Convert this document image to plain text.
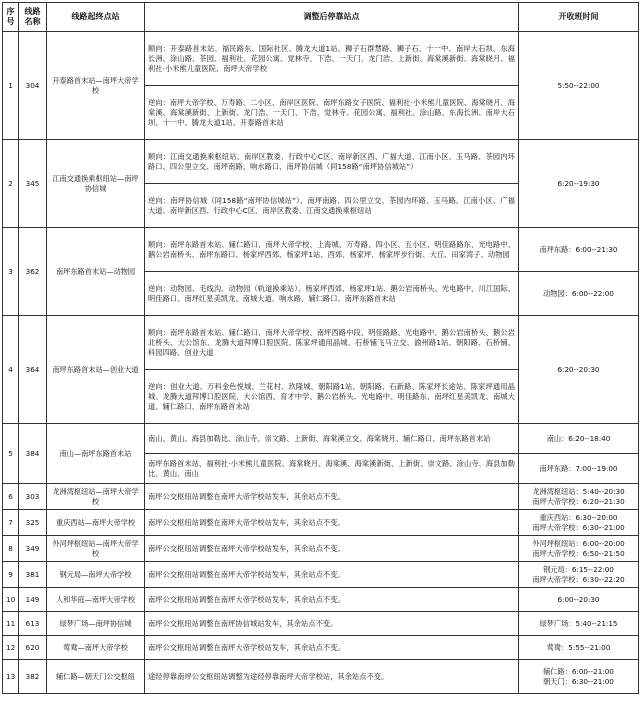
序号	线路名称	线路起终点站	调整后停靠站点	开收班时间
1	304	开泰路首末站—南坪大帝学校	顺向：开泰路首末站、福民路东、国际社区、腾龙大道1站、狮子石群慧路、狮子石、十一中、南岸大石坝、东海长洲、涂山路、茶园、福利社、花园公寓、觉林寺、下浩、一天门、龙门浩、上新街、海棠溪新街、海棠晓月、福利社·小米熊儿童医院、南坪大帝学校	5:50--22:00
			逆向：南坪大帝学校、万寿路、二小区、南岸区医院、南坪东路女子医院、福利社·小米熊儿童医院、海棠晓月、海棠溪、海棠溪新街、上新街、龙门浩、一天门、下浩、觉林寺、花园公寓、福利社、涂山路、东海长洲、南岸大石坝、十一中、腾龙大道1站、开泰路首末站	
2	345	江南交通换乘枢纽站—南坪协信城	顺向：江南交通换乘枢纽站、南岸区教委、行政中心C区、南岸新区西、广福大道、江南小区、玉马路、茶园内环路口、四公里立交、南坪南路、响水路口、南坪协信城（同158路“南坪协信城站”）	6:20--19:30
			逆向：南坪协信城（同158路“南坪协信城站”）、南坪南路、四公里立交、茶园内环路、玉马路、江南小区、广福大道、南岸新区西、行政中心C区、南岸区教委、江南交通换乘枢纽站	
3	362	南坪东路首末站—动物园	顺向：南坪东路首末站、辅仁路口、南坪大帝学校、上海城、万寿路、四小区、五小区、明佳路路东、光电路中、鹅公岩南桥头、南坪东路口、杨家坪西郊、杨家坪1站、西郊、杨家坪、杨家坪步行街、大丘、田家湾子、动物园	南坪东路：6:00--21:30
			逆向：动物园、毛线沟、动物园（轨道换乘站）、杨家坪西郊、杨家坪1站、鹅公岩南桥头、光电路中、川江国际、明佳路口、南坪红星美凯龙、南城大道、响水路、辅仁路口、南坪东路首末站	动物园：6:00--22:00
4	364	南坪东路首末站—创业大道	顺向：南坪东路首末站、辅仁路口、南坪大帝学校、南坪西路中段、明佳路路、光电路中、鹅公岩南桥头、鹅公岩北桥头、大公馆东、龙腾大道拜博口腔医院、陈家坪通用晶城、石桥铺飞马立交、渝州路1站、朝阳路、石桥铺、科园四路、创业大道	6:20--20:30
			逆向：创业大道、万科金色悦城、兰花村、玖隆城、朝阳路1站、朝阳路、石新路、陈家坪长途站、陈家坪通用晶城、龙腾大道拜博口腔医院、大公馆西、育才中学、鹅公岩桥头、光电路中、明佳路东、南坪红星美凯龙、南城大道、辅仁路口、南坪东路首末站	
5	384	南山—南坪东路首末站	南山、黄山、海县加勒比、涂山寺、崇文路、上新街、海棠溪立交、海棠晓月、辅仁路口、南坪东路首末站	南山：6:20--18:40
			南坪东路首末站、福利社·小米熊儿童医院、海棠晓月、海棠溪、海棠溪新街、上新街、崇文路、涂山寺、海县加勒比、黄山、南山	南坪东路：7:00--19:00
6	303	龙洲湾枢纽站—南坪大帝学校	南坪公交枢纽站调整在南坪大帝学校站发车，其余站点不变。	龙洲湾枢纽站：5:40--20:30
南坪大帝学校：6:20--21:30

7	325	重庆西站—南坪大帝学校	南坪公交枢纽站调整在南坪大帝学校站发车，其余站点不变。	重庆西站：6:30--20:00
南坪大帝学校：6:30--21:00

8	349	外河坪枢纽站—南坪大帝学校	南坪公交枢纽站调整在南坪大帝学校站发车，其余站点不变。	外河坪枢纽站：6:00--20:00
南坪大帝学校：6:50--21:50

9	381	钢元局—南坪大帝学校	南坪公交枢纽站调整在南坪大帝学校站发车，其余站点不变。	钢元局：6:15--22:00
南坪大帝学校：6:30--22:20

10	149	人和华庭—南坪大帝学校	南坪公交枢纽站调整在南坪大帝学校站发车，其余站点不变。	6:00--20:30
11	613	绿梦广场—南坪协信城	南坪公交枢纽站调整在南坪协信城站发车，其余站点不变。	绿梦广场：5:40--21:15
12	620	莺鸯—南坪大帝学校	南坪公交枢纽站调整在南坪大帝学校站发车，其余站点不变。	莺鸯：5:55--21:00
13	382	辅仁路—朝天门公交枢纽	途经停靠南坪公交枢纽站调整为途经停靠南坪大帝学校站，其余站点不变。	辅仁路：6:00--21:00
朝天门：6:30--21:00
